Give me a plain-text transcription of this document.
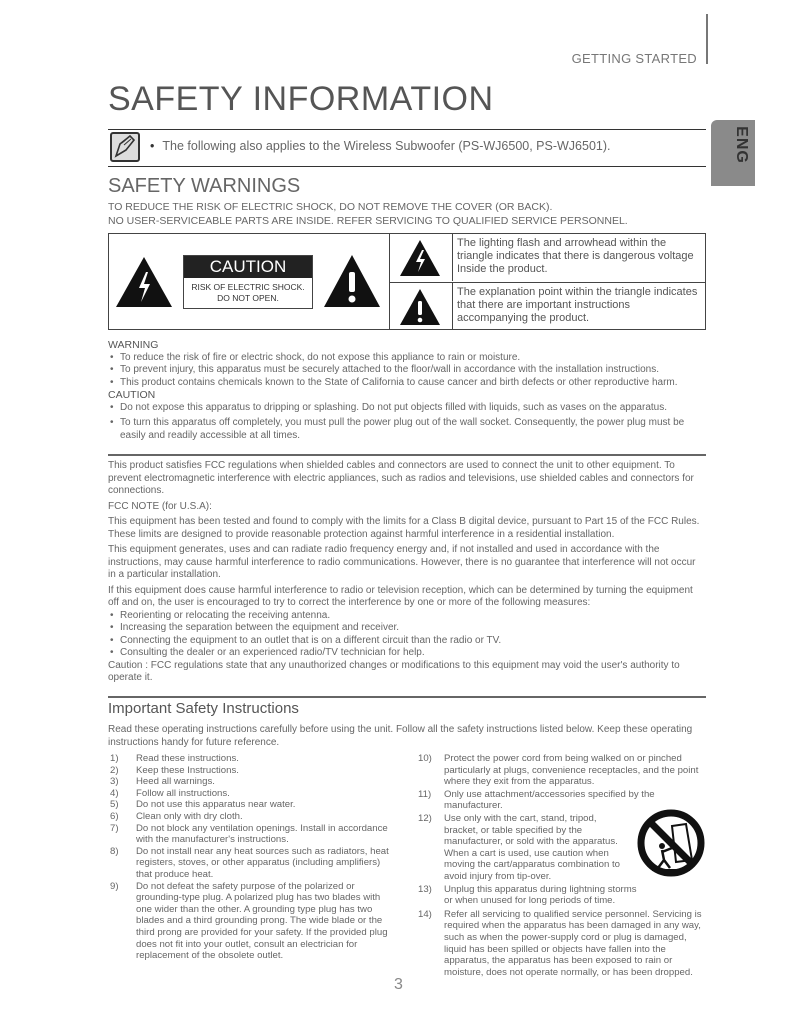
GETTING STARTED
ENG
SAFETY INFORMATION
• The following also applies to the Wireless Subwoofer (PS-WJ6500, PS-WJ6501).
SAFETY WARNINGS
TO REDUCE THE RISK OF ELECTRIC SHOCK, DO NOT REMOVE THE COVER (OR BACK).
NO USER-SERVICEABLE PARTS ARE INSIDE. REFER SERVICING TO QUALIFIED SERVICE PERSONNEL.
CAUTION
RISK OF ELECTRIC SHOCK.
DO NOT OPEN.
The lighting flash and arrowhead within the triangle indicates that there is dangerous voltage Inside the product.
The explanation point within the triangle indicates that there are important instructions accompanying the product.
WARNING
• To reduce the risk of fire or electric shock, do not expose this appliance to rain or moisture.
• To prevent injury, this apparatus must be securely attached to the floor/wall in accordance with the installation instructions.
• This product contains chemicals known to the State of California to cause cancer and birth defects or other reproductive harm.
CAUTION
• Do not expose this apparatus to dripping or splashing. Do not put objects filled with liquids, such as vases on the apparatus.
• To turn this apparatus off completely, you must pull the power plug out of the wall socket. Consequently, the power plug must be easily and readily accessible at all times.
This product satisfies FCC regulations when shielded cables and connectors are used to connect the unit to other equipment. To prevent electromagnetic interference with electric appliances, such as radios and televisions, use shielded cables and connectors for connections.
FCC NOTE (for U.S.A):
This equipment has been tested and found to comply with the limits for a Class B digital device, pursuant to Part 15 of the FCC Rules. These limits are designed to provide reasonable protection against harmful interference in a residential installation.
This equipment generates, uses and can radiate radio frequency energy and, if not installed and used in accordance with the instructions, may cause harmful interference to radio communications. However, there is no guarantee that interference will not occur in a particular installation.
If this equipment does cause harmful interference to radio or television reception, which can be determined by turning the equipment off and on, the user is encouraged to try to correct the interference by one or more of the following measures:
• Reorienting or relocating the receiving antenna.
• Increasing the separation between the equipment and receiver.
• Connecting the equipment to an outlet that is on a different circuit than the radio or TV.
• Consulting the dealer or an experienced radio/TV technician for help.
Caution : FCC regulations state that any unauthorized changes or modifications to this equipment may void the user's authority to operate it.
Important Safety Instructions
Read these operating instructions carefully before using the unit. Follow all the safety instructions listed below. Keep these operating instructions handy for future reference.
1) Read these instructions.
2) Keep these Instructions.
3) Heed all warnings.
4) Follow all instructions.
5) Do not use this apparatus near water.
6) Clean only with dry cloth.
7) Do not block any ventilation openings. Install in accordance with the manufacturer's instructions.
8) Do not install near any heat sources such as radiators, heat registers, stoves, or other apparatus (including amplifiers) that produce heat.
9) Do not defeat the safety purpose of the polarized or grounding-type plug. A polarized plug has two blades with one wider than the other. A grounding type plug has two blades and a third grounding prong. The wide blade or the third prong are provided for your safety. If the provided plug does not fit into your outlet, consult an electrician for replacement of the obsolete outlet.
10) Protect the power cord from being walked on or pinched particularly at plugs, convenience receptacles, and the point where they exit from the apparatus.
11) Only use attachment/accessories specified by the manufacturer.
12) Use only with the cart, stand, tripod, bracket, or table specified by the manufacturer, or sold with the apparatus. When a cart is used, use caution when moving the cart/apparatus combination to avoid injury from tip-over.
13) Unplug this apparatus during lightning storms or when unused for long periods of time.
14) Refer all servicing to qualified service personnel. Servicing is required when the apparatus has been damaged in any way, such as when the power-supply cord or plug is damaged, liquid has been spilled or objects have fallen into the apparatus, the apparatus has been exposed to rain or moisture, does not operate normally, or has been dropped.
3
